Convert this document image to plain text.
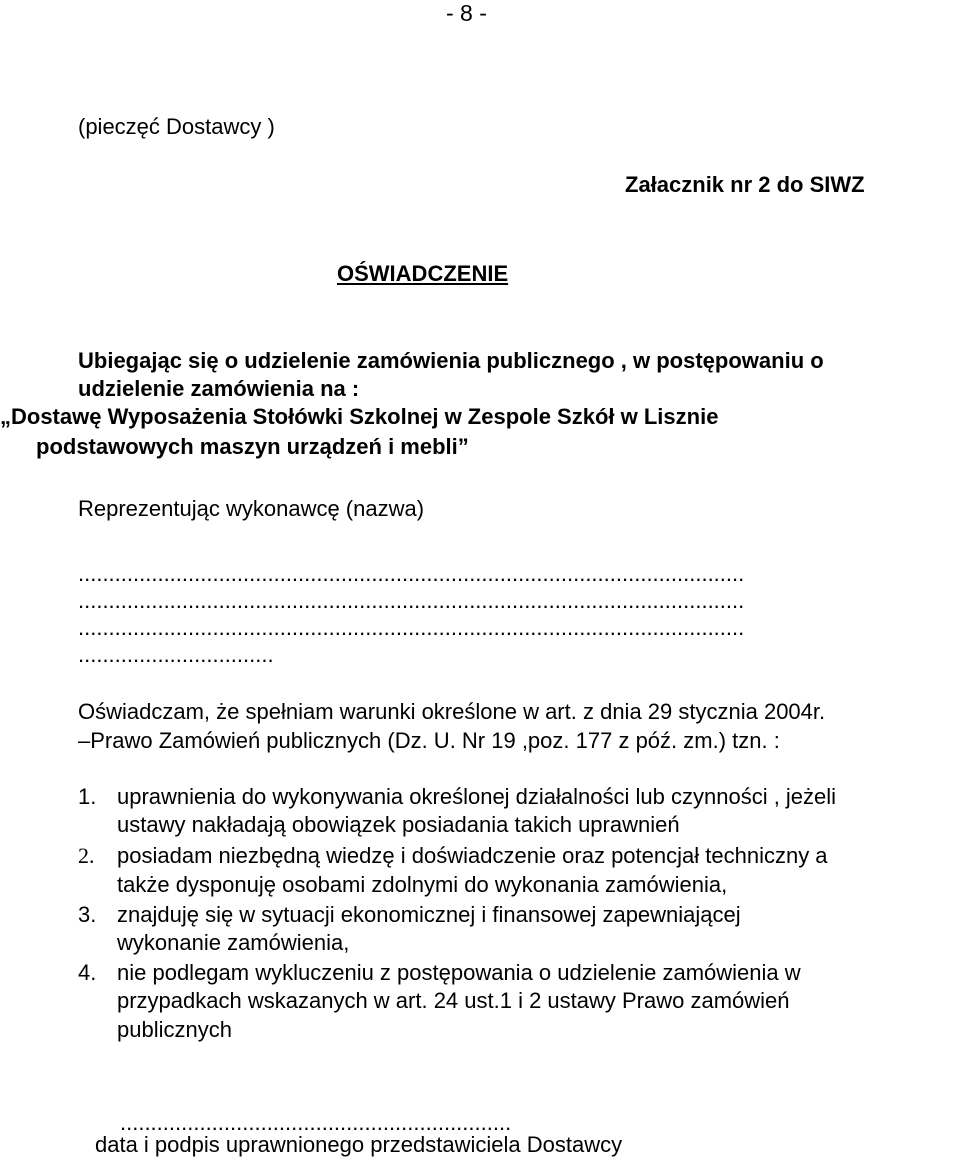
- 8 -
(pieczęć Dostawcy )
Załacznik nr 2 do SIWZ
OŚWIADCZENIE
Ubiegając się o udzielenie zamówienia publicznego , w postępowaniu o
udzielenie zamówienia na :
„Dostawę Wyposażenia Stołówki Szkolnej w Zespole Szkół w Lisznie
podstawowych maszyn urządzeń i mebli”
Reprezentując wykonawcę (nazwa)
.............................................................................................................
.............................................................................................................
.............................................................................................................
................................
Oświadczam, że spełniam warunki określone w art. z dnia 29 stycznia 2004r.
–Prawo Zamówień publicznych (Dz. U. Nr 19 ,poz. 177 z póź. zm.) tzn. :
1. uprawnienia do wykonywania określonej działalności lub czynności , jeżeli
ustawy nakładają obowiązek posiadania takich uprawnień
2. posiadam niezbędną wiedzę i doświadczenie oraz potencjał techniczny a
także dysponuję osobami zdolnymi do wykonania zamówienia,
3. znajduję się w sytuacji ekonomicznej i finansowej zapewniającej
wykonanie zamówienia,
4. nie podlegam wykluczeniu z postępowania o udzielenie zamówienia w
przypadkach wskazanych w art. 24 ust.1 i 2 ustawy Prawo zamówień
publicznych
................................................................
data i podpis uprawnionego przedstawiciela Dostawcy
